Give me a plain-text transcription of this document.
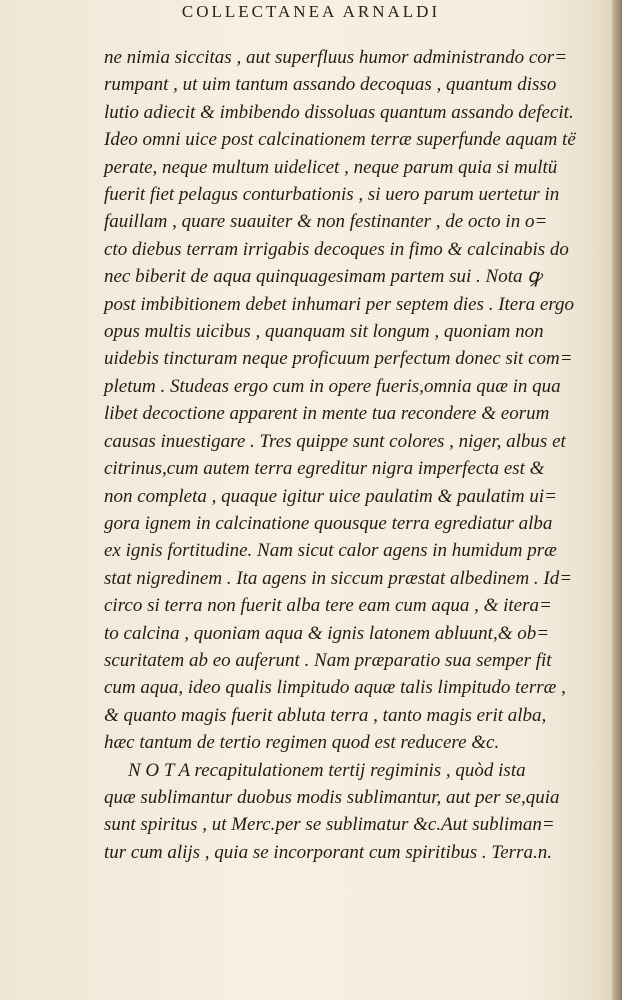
COLLECTANEA ARNALDI
ne nimia siccitas , aut superfluus humor administrando cor=
rumpant , ut uim tantum assando decoquas , quantum disso
lutio adiecit & imbibendo dissoluas quantum assando defecit.
Ideo omni uice post calcinationem terræ superfunde aquam të
perate, neque multum uidelicet , neque parum quia si multü
fuerit fiet pelagus conturbationis , si uero parum uertetur in
fauillam , quare suauiter & non festinanter , de octo in o=
cto diebus terram irrigabis decoques in fimo & calcinabis do
nec biberit de aqua quinquagesimam partem sui . Nota ꝙ
post imbibitionem debet inhumari per septem dies . Itera ergo
opus multis uicibus , quanquam sit longum , quoniam non
uidebis tincturam neque proficuum perfectum donec sit com=
pletum . Studeas ergo cum in opere fueris,omnia quæ in qua
libet decoctione apparent in mente tua recondere & eorum
causas inuestigare . Tres quippe sunt colores , niger, albus et
citrinus,cum autem terra egreditur nigra imperfecta est &
non completa , quaque igitur uice paulatim & paulatim ui=
gora ignem in calcinatione quousque terra egrediatur alba
ex ignis fortitudine. Nam sicut calor agens in humidum præ
stat nigredinem . Ita agens in siccum præstat albedinem . Id=
circo si terra non fuerit alba tere eam cum aqua , & itera=
to calcina , quoniam aqua & ignis latonem abluunt,& ob=
scuritatem ab eo auferunt . Nam præparatio sua semper fit
cum aqua, ideo qualis limpitudo aquæ talis limpitudo terræ ,
& quanto magis fuerit abluta terra , tanto magis erit alba,
hæc tantum de tertio regimen quod est reducere &c.
N O T A recapitulationem tertij regiminis , quòd ista
quæ sublimantur duobus modis sublimantur, aut per se,quia
sunt spiritus , ut Merc.per se sublimatur &c.Aut subliman=
tur cum alijs , quia se incorporant cum spiritibus . Terra.n.
